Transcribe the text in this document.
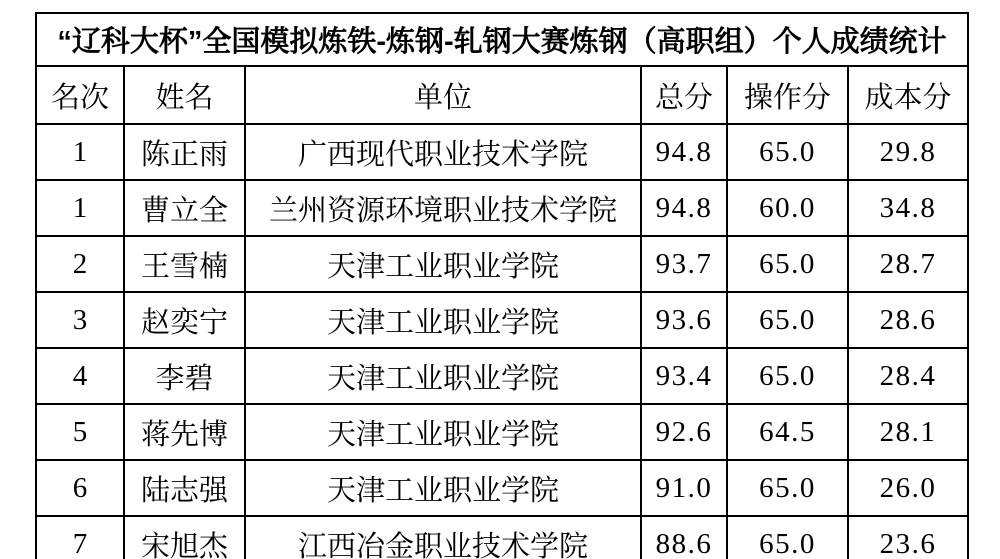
“辽科大杯”全国模拟炼铁-炼钢-轧钢大赛炼钢（高职组）个人成绩统计					
名次	姓名	单位	总分	操作分	成本分
1	陈正雨	广西现代职业技术学院	94.8	65.0	29.8
1	曹立全	兰州资源环境职业技术学院	94.8	60.0	34.8
2	王雪楠	天津工业职业学院	93.7	65.0	28.7
3	赵奕宁	天津工业职业学院	93.6	65.0	28.6
4	李碧	天津工业职业学院	93.4	65.0	28.4
5	蒋先博	天津工业职业学院	92.6	64.5	28.1
6	陆志强	天津工业职业学院	91.0	65.0	26.0
7	宋旭杰	江西冶金职业技术学院	88.6	65.0	23.6
